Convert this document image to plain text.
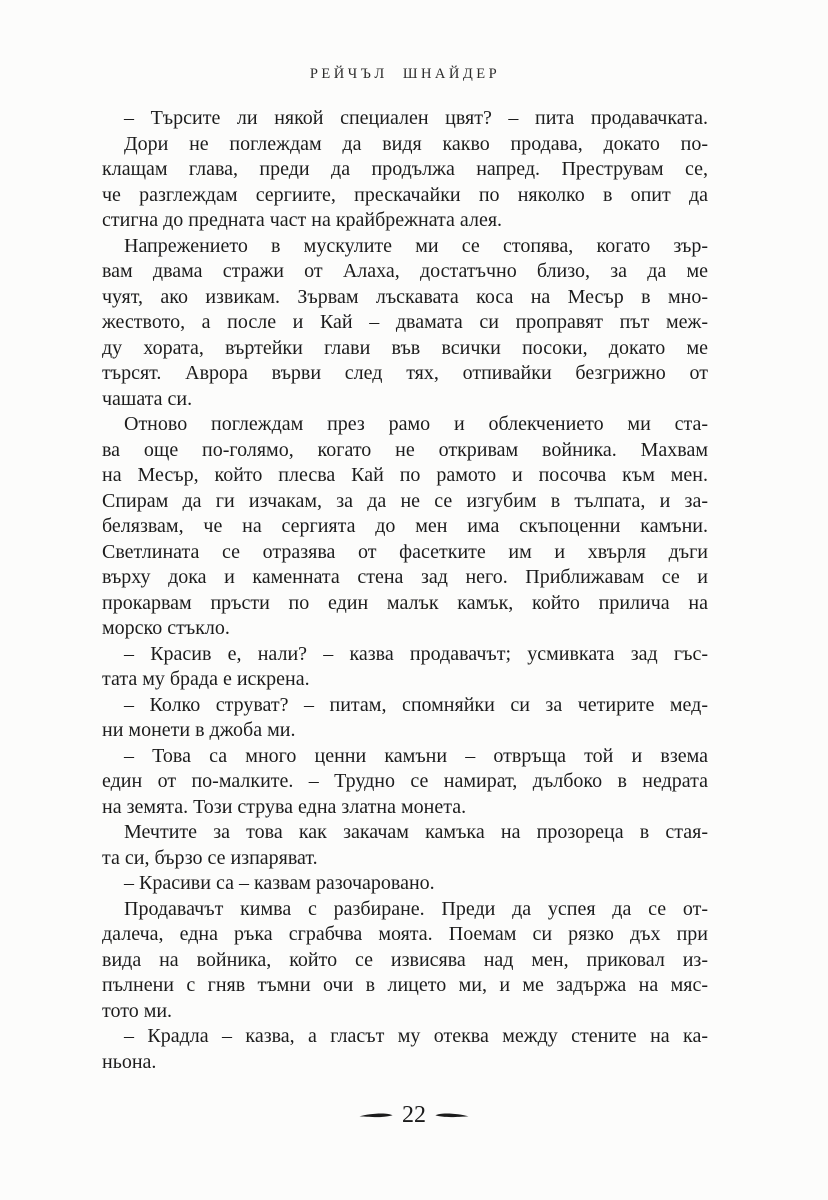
РЕЙЧЪЛ ШНАЙДЕР
– Търсите ли някой специален цвят? – пита продавачката.
Дори не поглеждам да видя какво продава, докато по-
клащам глава, преди да продължа напред. Преструвам се,
че разглеждам сергиите, прескачайки по няколко в опит да
стигна до предната част на крайбрежната алея.
Напрежението в мускулите ми се стопява, когато зър-
вам двама стражи от Алаха, достатъчно близо, за да ме
чуят, ако извикам. Зървам лъскавата коса на Месър в мно-
жеството, а после и Кай – двамата си проправят път меж-
ду хората, въртейки глави във всички посоки, докато ме
търсят. Аврора върви след тях, отпивайки безгрижно от
чашата си.
Отново поглеждам през рамо и облекчението ми ста-
ва още по-голямо, когато не откривам войника. Махвам
на Месър, който плесва Кай по рамото и посочва към мен.
Спирам да ги изчакам, за да не се изгубим в тълпата, и за-
белязвам, че на сергията до мен има скъпоценни камъни.
Светлината се отразява от фасетките им и хвърля дъги
върху дока и каменната стена зад него. Приближавам се и
прокарвам пръсти по един малък камък, който прилича на
морско стъкло.
– Красив е, нали? – казва продавачът; усмивката зад гъс-
тата му брада е искрена.
– Колко струват? – питам, спомняйки си за четирите мед-
ни монети в джоба ми.
– Това са много ценни камъни – отвръща той и взема
един от по-малките. – Трудно се намират, дълбоко в недрата
на земята. Този струва една златна монета.
Мечтите за това как закачам камъка на прозореца в стая-
та си, бързо се изпаряват.
– Красиви са – казвам разочаровано.
Продавачът кимва с разбиране. Преди да успея да се от-
далеча, една ръка сграбчва моята. Поемам си рязко дъх при
вида на войника, който се извисява над мен, приковал из-
пълнени с гняв тъмни очи в лицето ми, и ме задържа на мяс-
тото ми.
– Крадла – казва, а гласът му отеква между стените на ка-
ньона.
22
